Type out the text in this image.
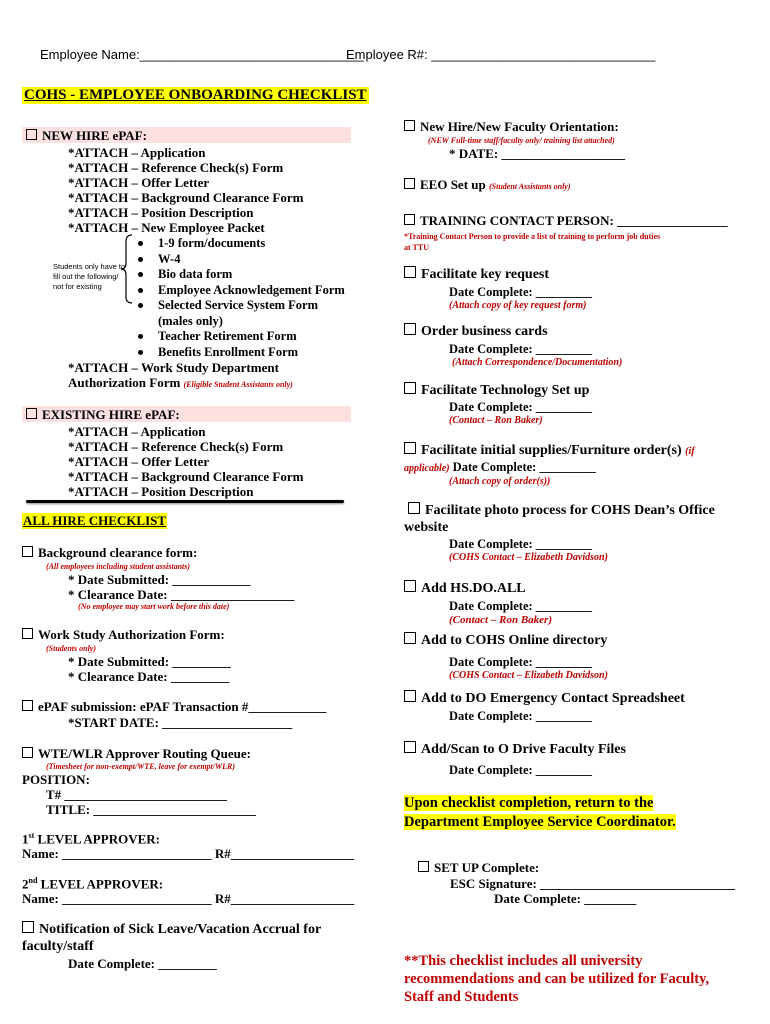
Employee Name:_______________________________
Employee R#: _______________________________
COHS - EMPLOYEE ONBOARDING CHECKLIST
NEW HIRE ePAF:
*ATTACH – Application
*ATTACH – Reference Check(s) Form
*ATTACH – Offer Letter
*ATTACH – Background Clearance Form
*ATTACH – Position Description
*ATTACH – New Employee Packet
Students only have to
fill out the following/
not for existing
1-9 form/documents
W-4
Bio data form
Employee Acknowledgement Form
Selected Service System Form
(males only)
Teacher Retirement Form
Benefits Enrollment Form
*ATTACH – Work Study Department
Authorization Form (Eligible Student Assistants only)
EXISTING HIRE ePAF:
*ATTACH – Application
*ATTACH – Reference Check(s) Form
*ATTACH – Offer Letter
*ATTACH – Background Clearance Form
*ATTACH – Position Description
ALL HIRE CHECKLIST
Background clearance form:
(All employees including student assistants)
* Date Submitted: ____________
* Clearance Date: ___________________
(No employee may start work before this date)
Work Study Authorization Form:
(Students only)
* Date Submitted: _________
* Clearance Date: _________
ePAF submission: ePAF Transaction #____________
*START DATE: ____________________
WTE/WLR Approver Routing Queue:
(Timesheet for non-exempt/WTE, leave for exempt/WLR)
POSITION:
T# _________________________
TITLE: _________________________
1st LEVEL APPROVER:
Name: _______________________ R#___________________
2nd LEVEL APPROVER:
Name: _______________________ R#___________________
Notification of Sick Leave/Vacation Accrual for
faculty/staff
Date Complete: _________
New Hire/New Faculty Orientation:
(NEW Full-time staff/faculty only/ training list attached)
* DATE: ___________________
EEO Set up (Student Assistants only)
TRAINING CONTACT PERSON: _________________
*Training Contact Person to provide a list of training to perform job duties
at TTU
Facilitate key request
Date Complete: _________
(Attach copy of key request form)
Order business cards
Date Complete: _________
(Attach Correspondence/Documentation)
Facilitate Technology Set up
Date Complete: _________
(Contact – Ron Baker)
Facilitate initial supplies/Furniture order(s) (if
applicable) Date Complete: _________
(Attach copy of order(s))
Facilitate photo process for COHS Dean’s Office
website
Date Complete: _________
(COHS Contact – Elizabeth Davidson)
Add HS.DO.ALL
Date Complete: _________
(Contact – Ron Baker)
Add to COHS Online directory
Date Complete: _________
(COHS Contact – Elizabeth Davidson)
Add to DO Emergency Contact Spreadsheet
Date Complete: _________
Add/Scan to O Drive Faculty Files
Date Complete: _________
Upon checklist completion, return to the
Department Employee Service Coordinator.
SET UP Complete:
ESC Signature: ______________________________
Date Complete: ________
**This checklist includes all university
recommendations and can be utilized for Faculty,
Staff and Students
